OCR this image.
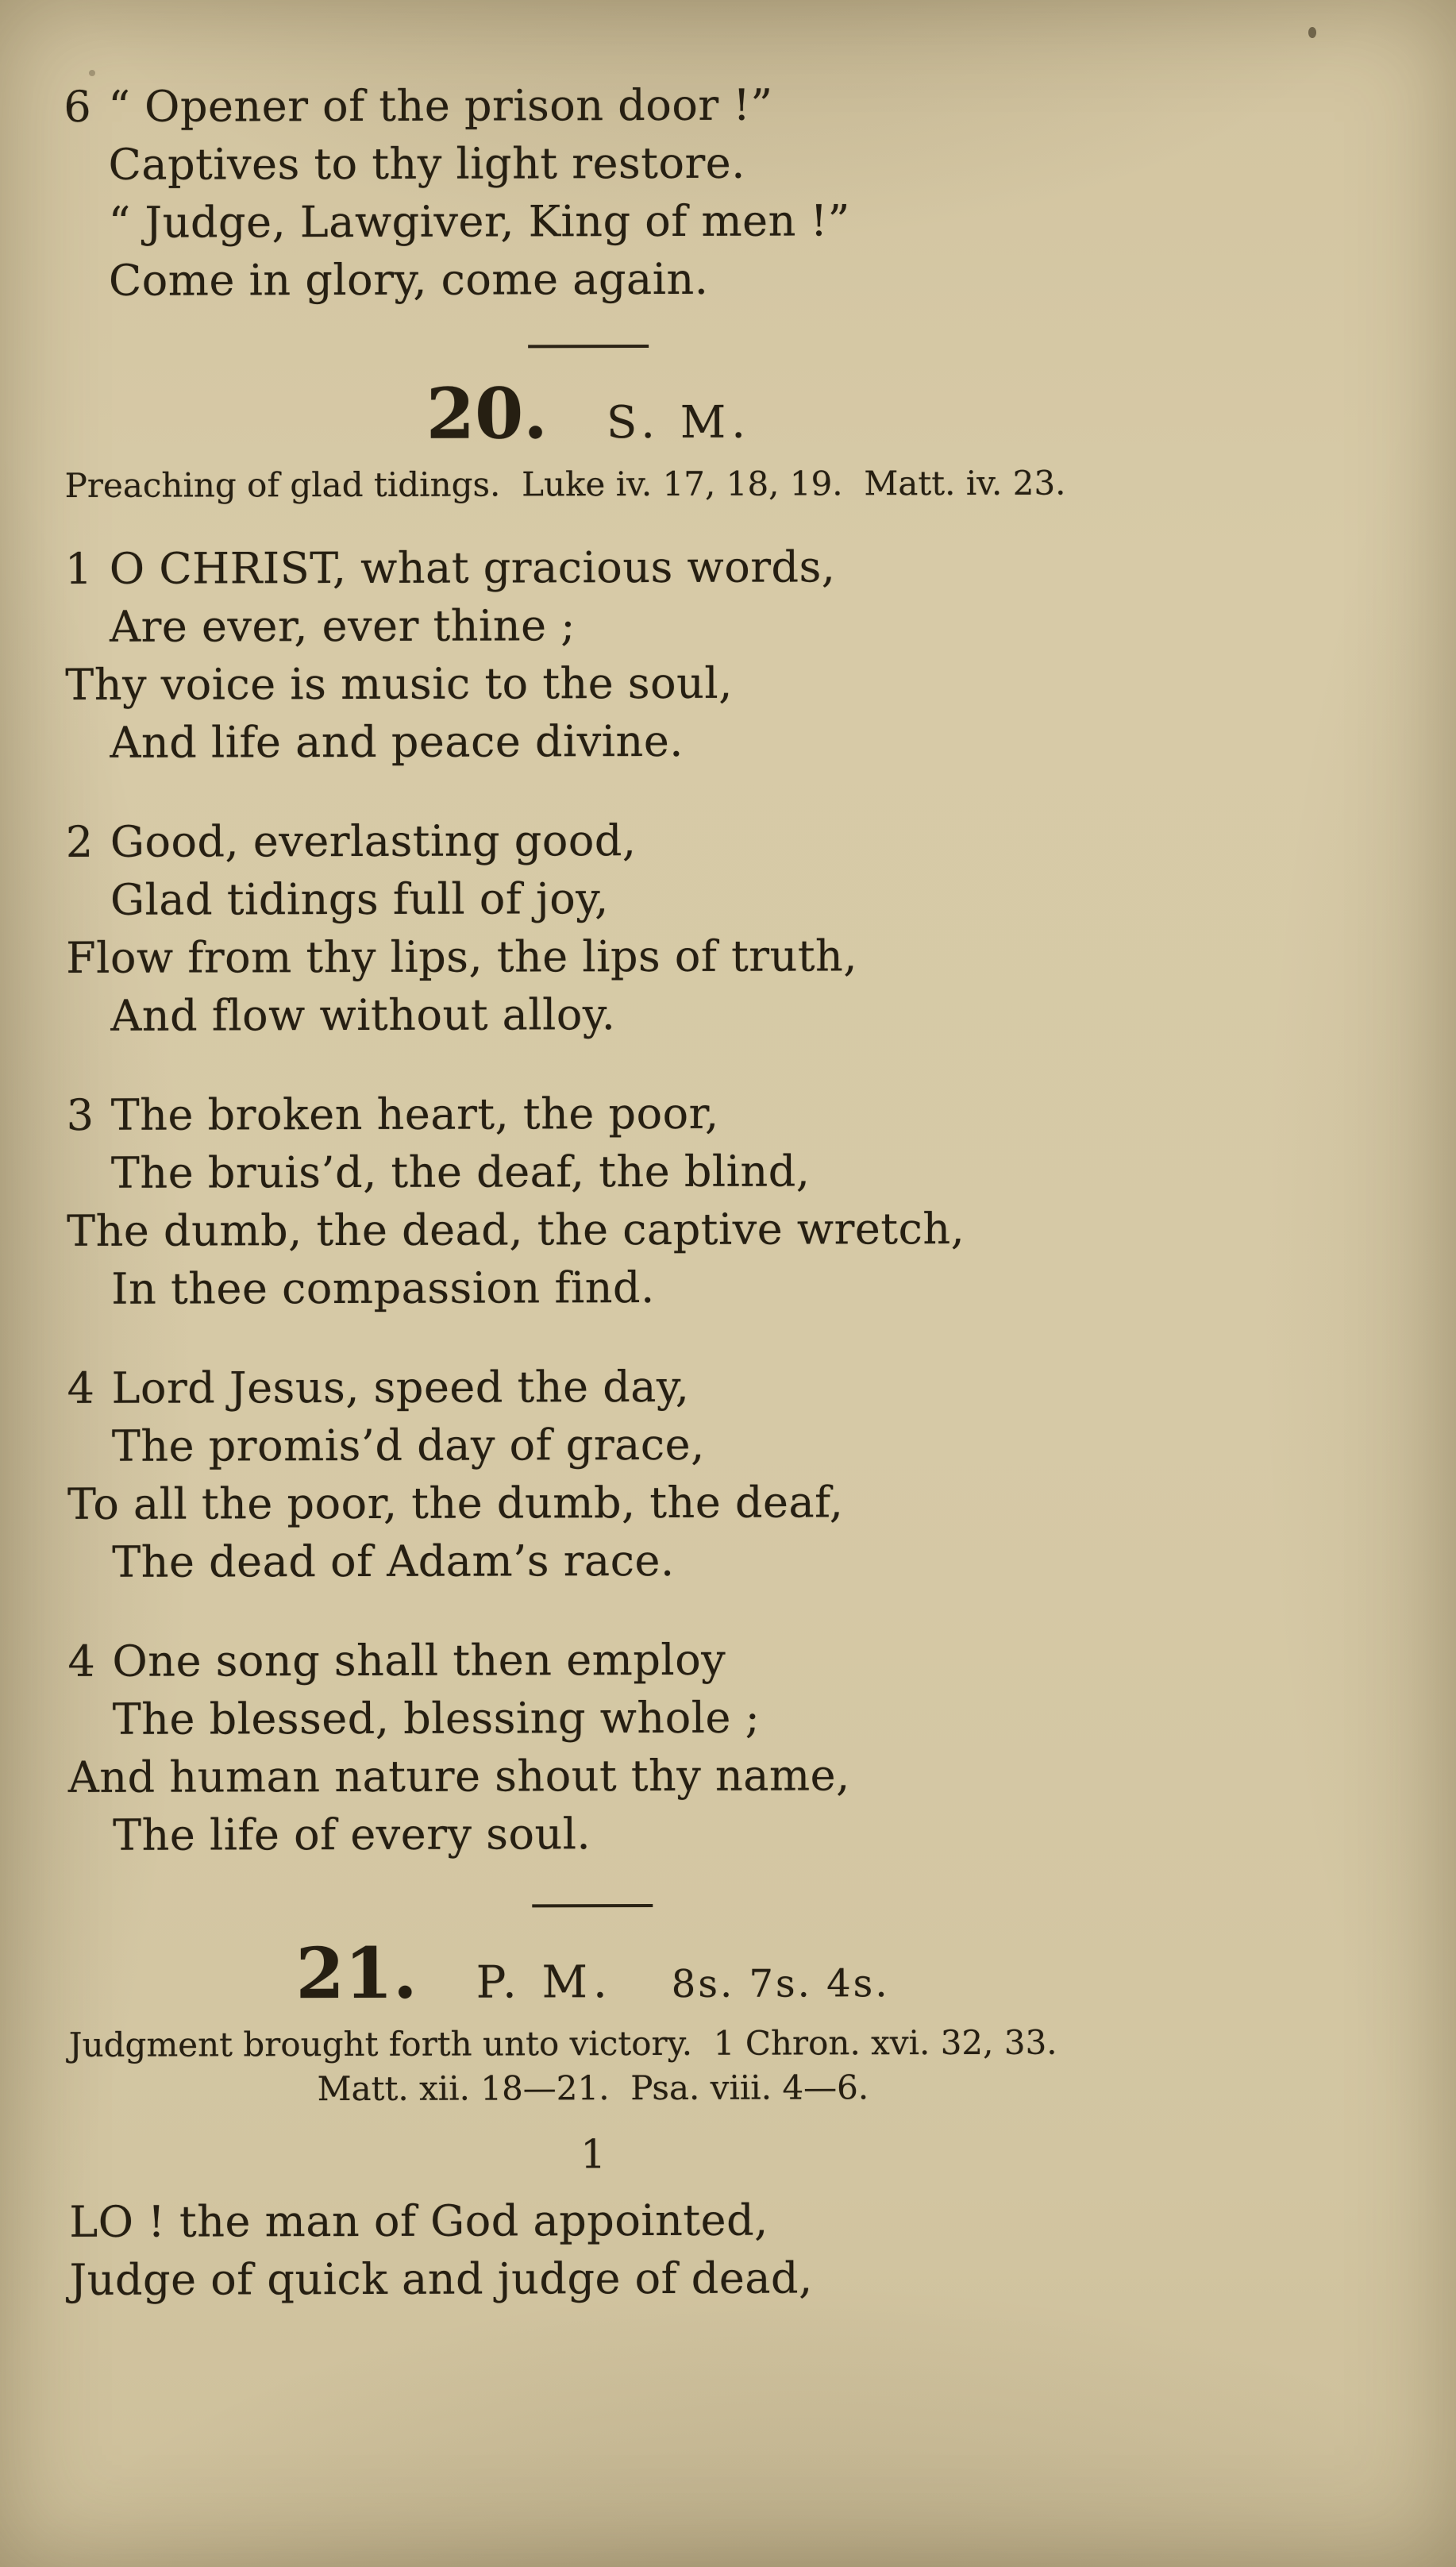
6 “ Opener of the prison door !”
Captives to thy light restore.
“ Judge, Lawgiver, King of men !”
Come in glory, come again.
20. S. M.

Preaching of glad tidings.  Luke iv. 17, 18, 19.  Matt. iv. 23.

1 O CHRIST, what gracious words,
Are ever, ever thine ;
Thy voice is music to the soul,
And life and peace divine.
2 Good, everlasting good,
Glad tidings full of joy,
Flow from thy lips, the lips of truth,
And flow without alloy.
3 The broken heart, the poor,
The bruis’d, the deaf, the blind,
The dumb, the dead, the captive wretch,
In thee compassion find.
4 Lord Jesus, speed the day,
The promis’d day of grace,
To all the poor, the dumb, the deaf,
The dead of Adam’s race.
4 One song shall then employ
The blessed, blessing whole ;
And human nature shout thy name,
The life of every soul.
21. P. M. 8s. 7s. 4s.

Judgment brought forth unto victory.  1 Chron. xvi. 32, 33.

Matt. xii. 18—21.  Psa. viii. 4—6.

1
LO ! the man of God appointed,
Judge of quick and judge of dead,
